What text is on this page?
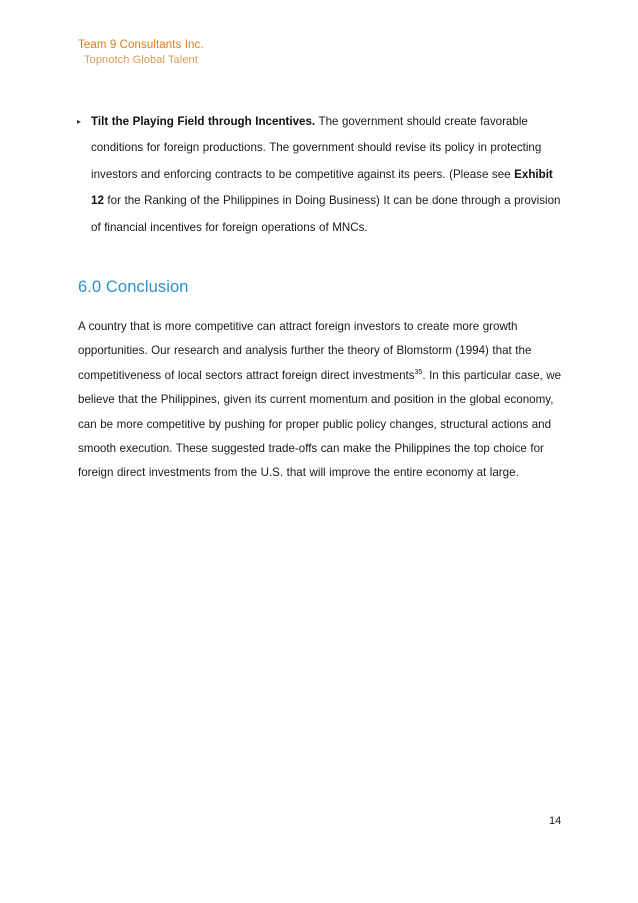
Team 9 Consultants Inc.
Topnotch Global Talent
▸ Tilt the Playing Field through Incentives. The government should create favorable conditions for foreign productions. The government should revise its policy in protecting investors and enforcing contracts to be competitive against its peers. (Please see Exhibit 12 for the Ranking of the Philippines in Doing Business) It can be done through a provision of financial incentives for foreign operations of MNCs.
6.0 Conclusion
A country that is more competitive can attract foreign investors to create more growth opportunities. Our research and analysis further the theory of Blomstorm (1994) that the competitiveness of local sectors attract foreign direct investments$^{35}$. In this particular case, we believe that the Philippines, given its current momentum and position in the global economy, can be more competitive by pushing for proper public policy changes, structural actions and smooth execution. These suggested trade-offs can make the Philippines the top choice for foreign direct investments from the U.S. that will improve the entire economy at large.
14
